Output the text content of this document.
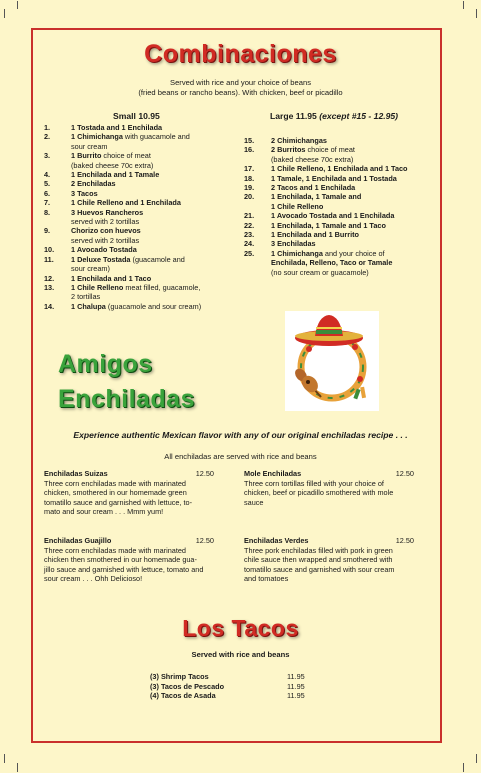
Combinaciones
Served with rice and your choice of beans
(fried beans or rancho beans). With chicken, beef or picadillo
Small 10.95	Large 11.95 (except #15 - 12.95)
1.	1 Tostada and 1 Enchilada
2.	1 Chimichanga with guacamole and
sour cream
3.	1 Burrito choice of meat
(baked cheese 70c extra)
4.	1 Enchilada and 1 Tamale
5.	2 Enchiladas
6.	3 Tacos
7.	1 Chile Relleno and 1 Enchilada
8.	3 Huevos Rancheros
served with 2 tortillas
9.	Chorizo con huevos
served with 2 tortillas
10.	1 Avocado Tostada
11.	1 Deluxe Tostada (guacamole and
sour cream)
12.	1 Enchilada and 1 Taco
13.	1 Chile Relleno meat filled, guacamole,
2 tortillas
14.	1 Chalupa (guacamole and sour cream)
15.	2 Chimichangas
16.	2 Burritos choice of meat
(baked cheese 70c extra)
17.	1 Chile Relleno, 1 Enchilada and 1 Taco
18.	1 Tamale, 1 Enchilada and 1 Tostada
19.	2 Tacos and 1 Enchilada
20.	1 Enchilada, 1 Tamale and
1 Chile Relleno
21.	1 Avocado Tostada and 1 Enchilada
22.	1 Enchilada, 1 Tamale and 1 Taco
23.	1 Enchilada and 1 Burrito
24.	3 Enchiladas
25.	1 Chimichanga and your choice of
Enchilada, Relleno, Taco or Tamale
(no sour cream or guacamole)
Amigos
Enchiladas
Experience authentic Mexican flavor with any of our original enchiladas recipe . . .
All enchiladas are served with rice and beans
Enchiladas Suizas	12.50
Three corn enchiladas made with marinated
chicken, smothered in our homemade green
tomatillo sauce and garnished with lettuce, to-
mato and sour cream . . . Mmm yum!
Mole Enchiladas	12.50
Three corn tortillas filled with your choice of
chicken, beef or picadillo smothered with mole
sauce
Enchiladas Guajillo	12.50
Three corn enchiladas made with marinated
chicken then smothered in our homemade gua-
jillo sauce and garnished with lettuce, tomato and
sour cream . . . Ohh Delicioso!
Enchiladas Verdes	12.50
Three pork enchiladas filled with pork in green
chile sauce then wrapped and smothered with
tomatillo sauce and garnished with sour cream
and tomatoes
Los Tacos
Served with rice and beans
(3) Shrimp Tacos	11.95
(3) Tacos de Pescado	11.95
(4) Tacos de Asada	11.95
